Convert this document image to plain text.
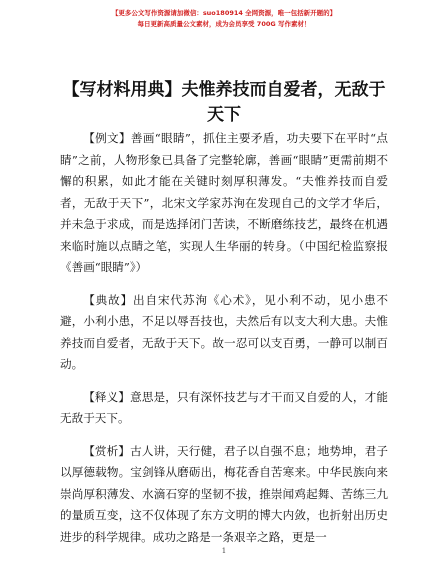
【更多公文写作资源请加微信：suo180914 全网资源，唯一包括新开题的】
每日更新高质量公文素材，成为会员享受 700G 写作素材！
【写材料用典】夫惟养技而自爱者，无敌于天下

【例文】善画“眼睛”，抓住主要矛盾，功夫要下在平时“点睛”之前，人物形象已具备了完整轮廓，善画“眼睛”更需前期不懈的积累，如此才能在关键时刻厚积薄发。“夫惟养技而自爱者，无敌于天下”，北宋文学家苏洵在发现自己的文学才华后，并未急于求成，而是选择闭门苦读，不断磨练技艺，最终在机遇来临时施以点睛之笔，实现人生华丽的转身。（中国纪检监察报《善画“眼睛”》）

【典故】出自宋代苏洵《心术》，见小利不动，见小患不避，小利小患，不足以辱吾技也，夫然后有以支大利大患。夫惟养技而自爱者，无敌于天下。故一忍可以支百勇，一静可以制百动。

【释义】意思是，只有深怀技艺与才干而又自爱的人，才能无敌于天下。

【赏析】古人讲，天行健，君子以自强不息；地势坤，君子以厚德载物。宝剑锋从磨砺出，梅花香自苦寒来。中华民族向来崇尚厚积薄发、水滴石穿的坚韧不拔，推崇闻鸡起舞、苦练三九的量质互变，这不仅体现了东方文明的博大内敛，也折射出历史进步的科学规律。成功之路是一条艰辛之路，更是一

1
